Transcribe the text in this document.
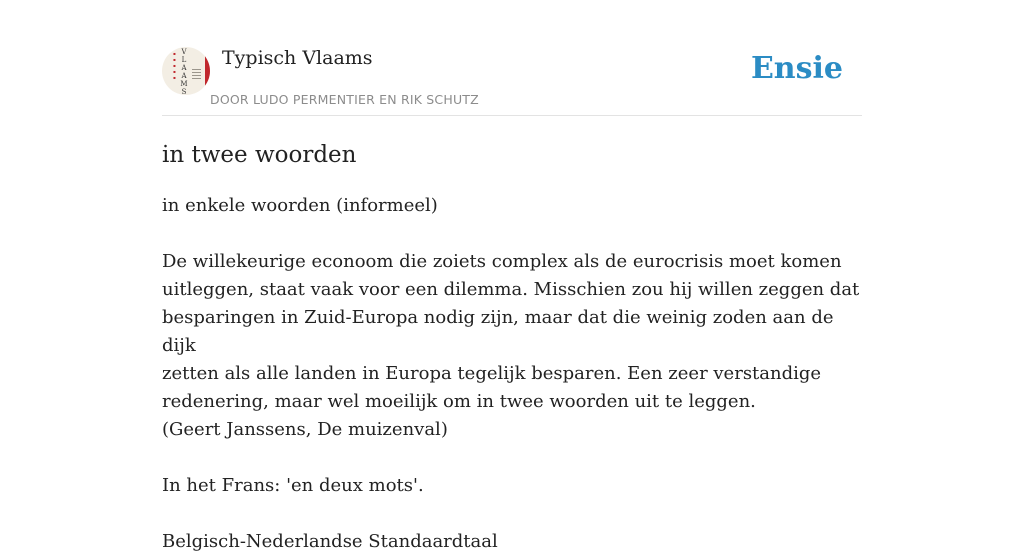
▪
▪
▪
▪
▪
V
L
A
A
M
S
Typisch Vlaams
DOOR LUDO PERMENTIER EN RIK SCHUTZ
Ensie
in twee woorden

in enkele woorden (informeel)

De willekeurige econoom die zoiets complex als de eurocrisis moet komen
uitleggen, staat vaak voor een dilemma. Misschien zou hij willen zeggen dat
besparingen in Zuid-Europa nodig zijn, maar dat die weinig zoden aan de dijk
zetten als alle landen in Europa tegelijk besparen. Een zeer verstandige
redenering, maar wel moeilijk om in twee woorden uit te leggen.
(Geert Janssens, De muizenval)

In het Frans: 'en deux mots'.

Belgisch-Nederlandse Standaardtaal
